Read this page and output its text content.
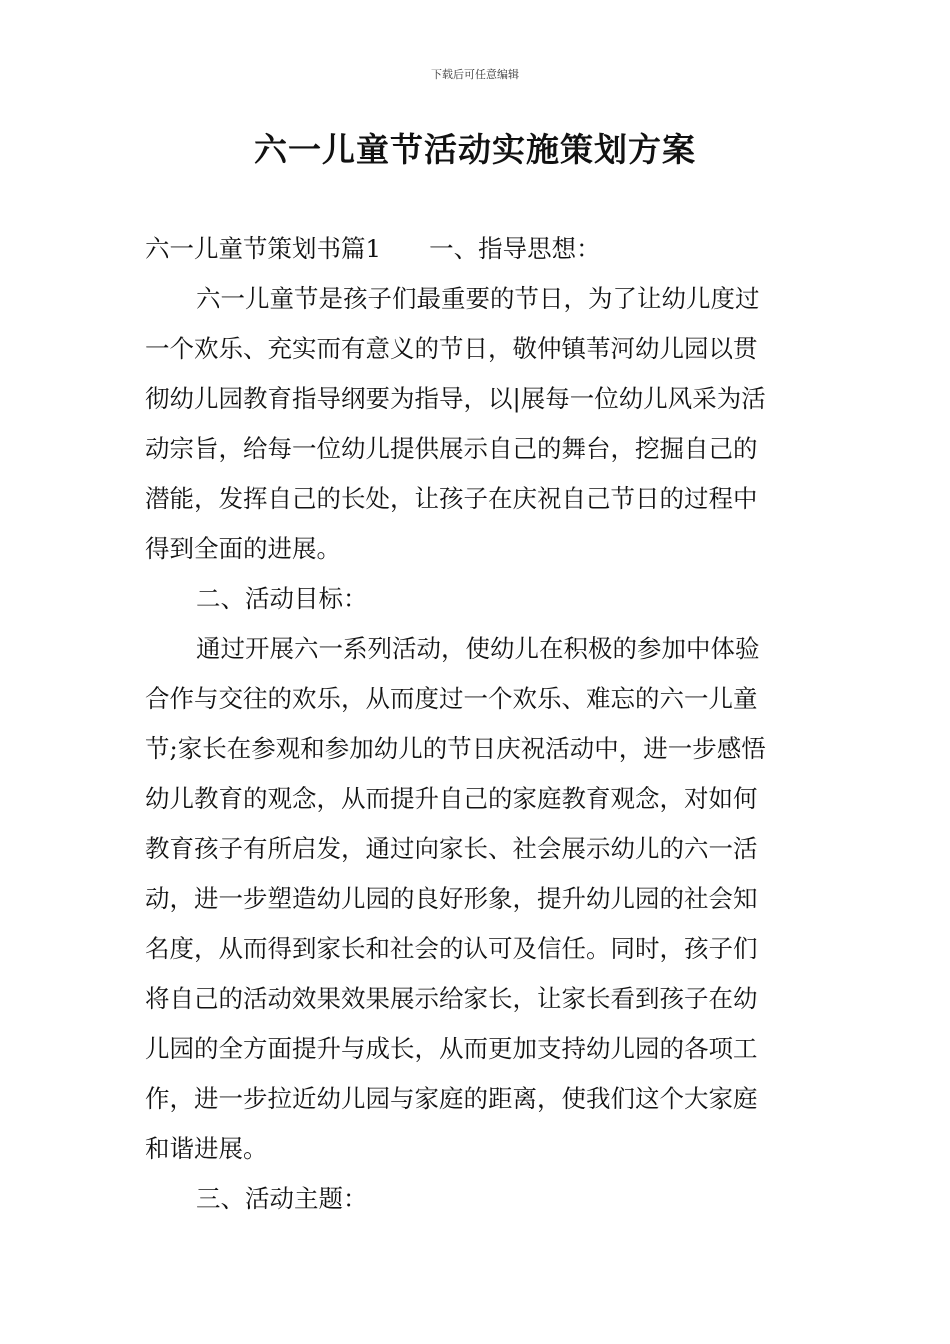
下载后可任意编辑
六一儿童节活动实施策划方案
六一儿童节策划书篇1 一、指导思想：
六一儿童节是孩子们最重要的节日，为了让幼儿度过
一个欢乐、充实而有意义的节日，敬仲镇苇河幼儿园以贯
彻幼儿园教育指导纲要为指导，以|展每一位幼儿风采为活
动宗旨，给每一位幼儿提供展示自己的舞台，挖掘自己的
潜能，发挥自己的长处，让孩子在庆祝自己节日的过程中
得到全面的进展。
二、活动目标：
通过开展六一系列活动，使幼儿在积极的参加中体验
合作与交往的欢乐，从而度过一个欢乐、难忘的六一儿童
节;家长在参观和参加幼儿的节日庆祝活动中，进一步感悟
幼儿教育的观念，从而提升自己的家庭教育观念，对如何
教育孩子有所启发，通过向家长、社会展示幼儿的六一活
动，进一步塑造幼儿园的良好形象，提升幼儿园的社会知
名度，从而得到家长和社会的认可及信任。同时，孩子们
将自己的活动效果效果展示给家长，让家长看到孩子在幼
儿园的全方面提升与成长，从而更加支持幼儿园的各项工
作，进一步拉近幼儿园与家庭的距离，使我们这个大家庭
和谐进展。
三、活动主题：
